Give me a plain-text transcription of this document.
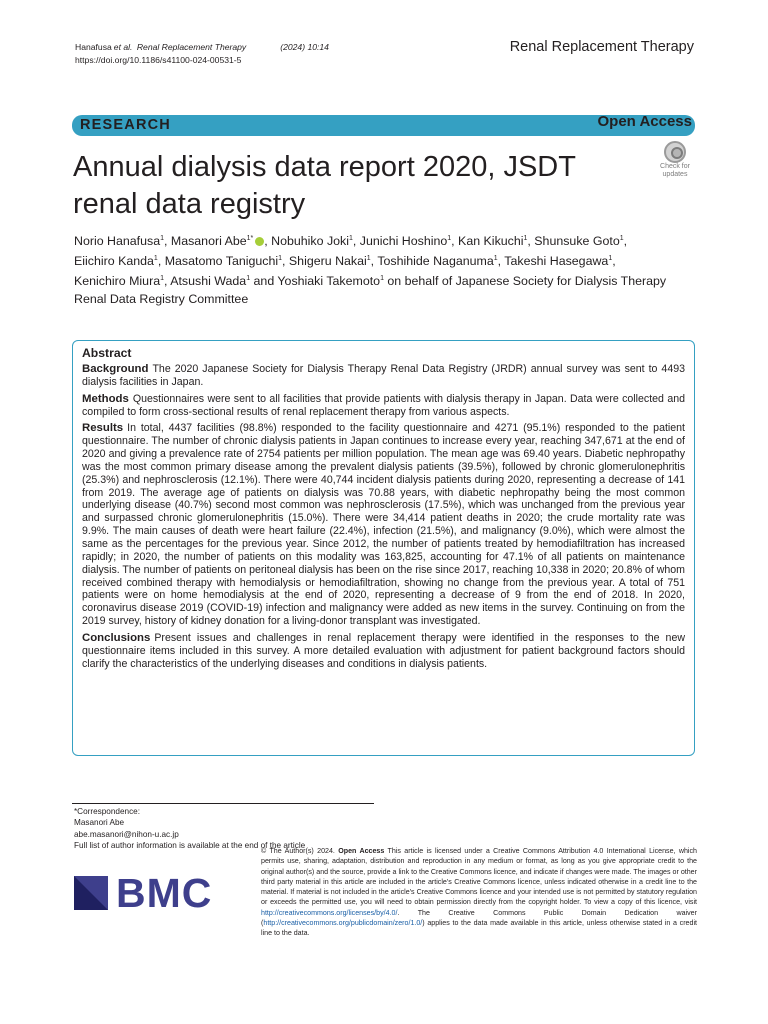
Hanafusa et al. Renal Replacement Therapy	(2024) 10:14
https://doi.org/10.1186/s41100-024-00531-5
Renal Replacement Therapy
RESEARCH	Open Access
Annual dialysis data report 2020, JSDT renal data registry
Check for
updates
Norio Hanafusa$^1$, Masanori Abe$^{1*}$ , Nobuhiko Joki$^1$, Junichi Hoshino$^1$, Kan Kikuchi$^1$, Shunsuke Goto$^1$,
Eiichiro Kanda$^1$, Masatomo Taniguchi$^1$, Shigeru Nakai$^1$, Toshihide Naganuma$^1$, Takeshi Hasegawa$^1$,
Kenichiro Miura$^1$, Atsushi Wada$^1$ and Yoshiaki Takemoto$^1$ on behalf of Japanese Society for Dialysis Therapy
Renal Data Registry Committee
Abstract

Background The 2020 Japanese Society for Dialysis Therapy Renal Data Registry (JRDR) annual survey was sent to 4493 dialysis facilities in Japan.

Methods Questionnaires were sent to all facilities that provide patients with dialysis therapy in Japan. Data were collected and compiled to form cross-sectional results of renal replacement therapy from various aspects.

Results In total, 4437 facilities (98.8%) responded to the facility questionnaire and 4271 (95.1%) responded to the patient questionnaire. The number of chronic dialysis patients in Japan continues to increase every year, reaching 347,671 at the end of 2020 and giving a prevalence rate of 2754 patients per million population. The mean age was 69.40 years. Diabetic nephropathy was the most common primary disease among the prevalent dialysis patients (39.5%), followed by chronic glomerulonephritis (25.3%) and nephrosclerosis (12.1%). There were 40,744 incident dialysis patients during 2020, representing a decrease of 141 from 2019. The average age of patients on dialysis was 70.88 years, with diabetic nephropathy being the most common underlying disease (40.7%) second most common was nephrosclerosis (17.5%), which was unchanged from the previous year and surpassed chronic glomerulonephritis (15.0%). There were 34,414 patient deaths in 2020; the crude mortality rate was 9.9%. The main causes of death were heart failure (22.4%), infection (21.5%), and malignancy (9.0%), which were almost the same as the percentages for the previous year. Since 2012, the number of patients treated by hemodiafiltration has increased rapidly; in 2020, the number of patients on this modality was 163,825, accounting for 47.1% of all patients on maintenance dialysis. The number of patients on peritoneal dialysis has been on the rise since 2017, reaching 10,338 in 2020; 20.8% of whom received combined therapy with hemodialysis or hemodiafiltration, showing no change from the previous year. A total of 751 patients were on home hemodialysis at the end of 2020, representing a decrease of 9 from the end of 2018. In 2020, coronavirus disease 2019 (COVID-19) infection and malignancy were added as new items in the survey. Continuing on from the 2019 survey, history of kidney donation for a living-donor transplant was investigated.

Conclusions Present issues and challenges in renal replacement therapy were identified in the responses to the new questionnaire items included in this survey. A more detailed evaluation with adjustment for patient background factors should clarify the characteristics of the underlying diseases and conditions in dialysis patients.

*Correspondence:
Masanori Abe
abe.masanori@nihon-u.ac.jp
Full list of author information is available at the end of the article
BMC
© The Author(s) 2024. Open Access This article is licensed under a Creative Commons Attribution 4.0 International License, which permits use, sharing, adaptation, distribution and reproduction in any medium or format, as long as you give appropriate credit to the original author(s) and the source, provide a link to the Creative Commons licence, and indicate if changes were made. The images or other third party material in this article are included in the article's Creative Commons licence, unless indicated otherwise in a credit line to the material. If material is not included in the article's Creative Commons licence and your intended use is not permitted by statutory regulation or exceeds the permitted use, you will need to obtain permission directly from the copyright holder. To view a copy of this licence, visit http://creativecommons.org/licenses/by/4.0/. The Creative Commons Public Domain Dedication waiver (http://creativecommons.org/publicdomain/zero/1.0/) applies to the data made available in this article, unless otherwise stated in a credit line to the data.
